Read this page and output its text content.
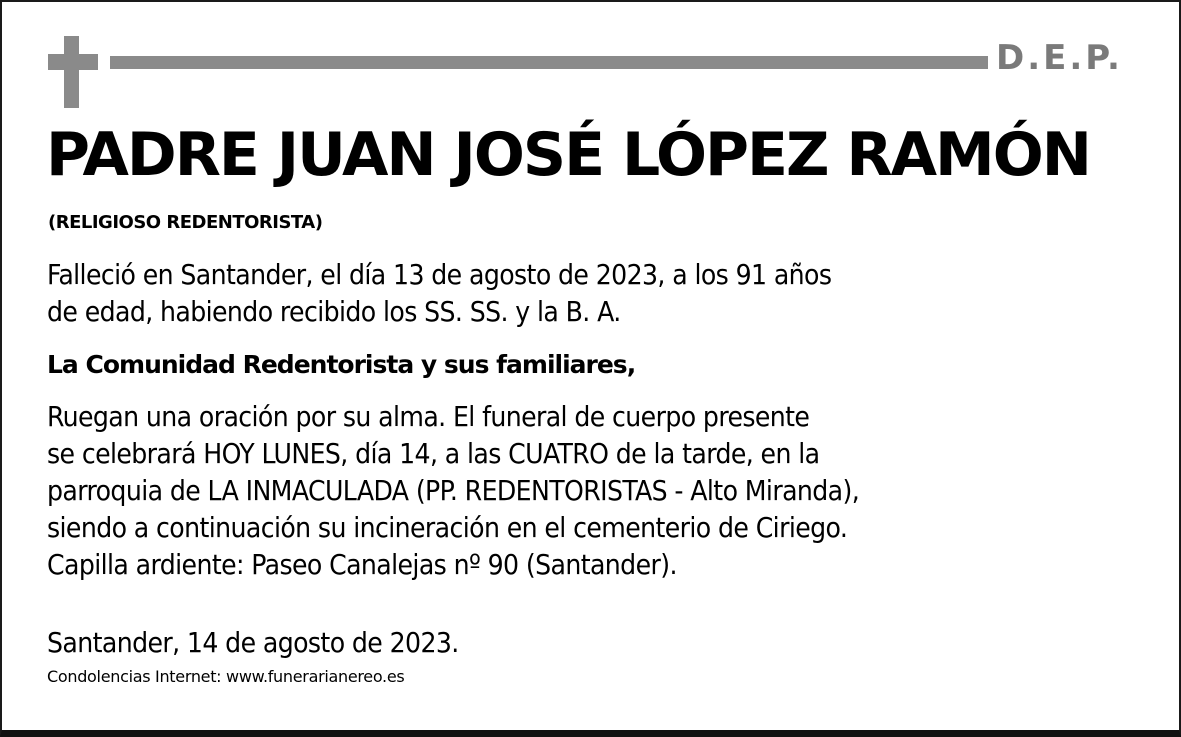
D.E.P.
PADRE JUAN JOSÉ LÓPEZ RAMÓN
(RELIGIOSO REDENTORISTA)
Falleció en Santander, el día 13 de agosto de 2023, a los 91 años
de edad, habiendo recibido los SS. SS. y la B. A.
La Comunidad Redentorista y sus familiares,
Ruegan una oración por su alma. El funeral de cuerpo presente
se celebrará HOY LUNES, día 14, a las CUATRO de la tarde, en la
parroquia de LA INMACULADA (PP. REDENTORISTAS - Alto Miranda),
siendo a continuación su incineración en el cementerio de Ciriego.
Capilla ardiente: Paseo Canalejas nº 90 (Santander).
Santander, 14 de agosto de 2023.
Condolencias Internet: www.funerarianereo.es
